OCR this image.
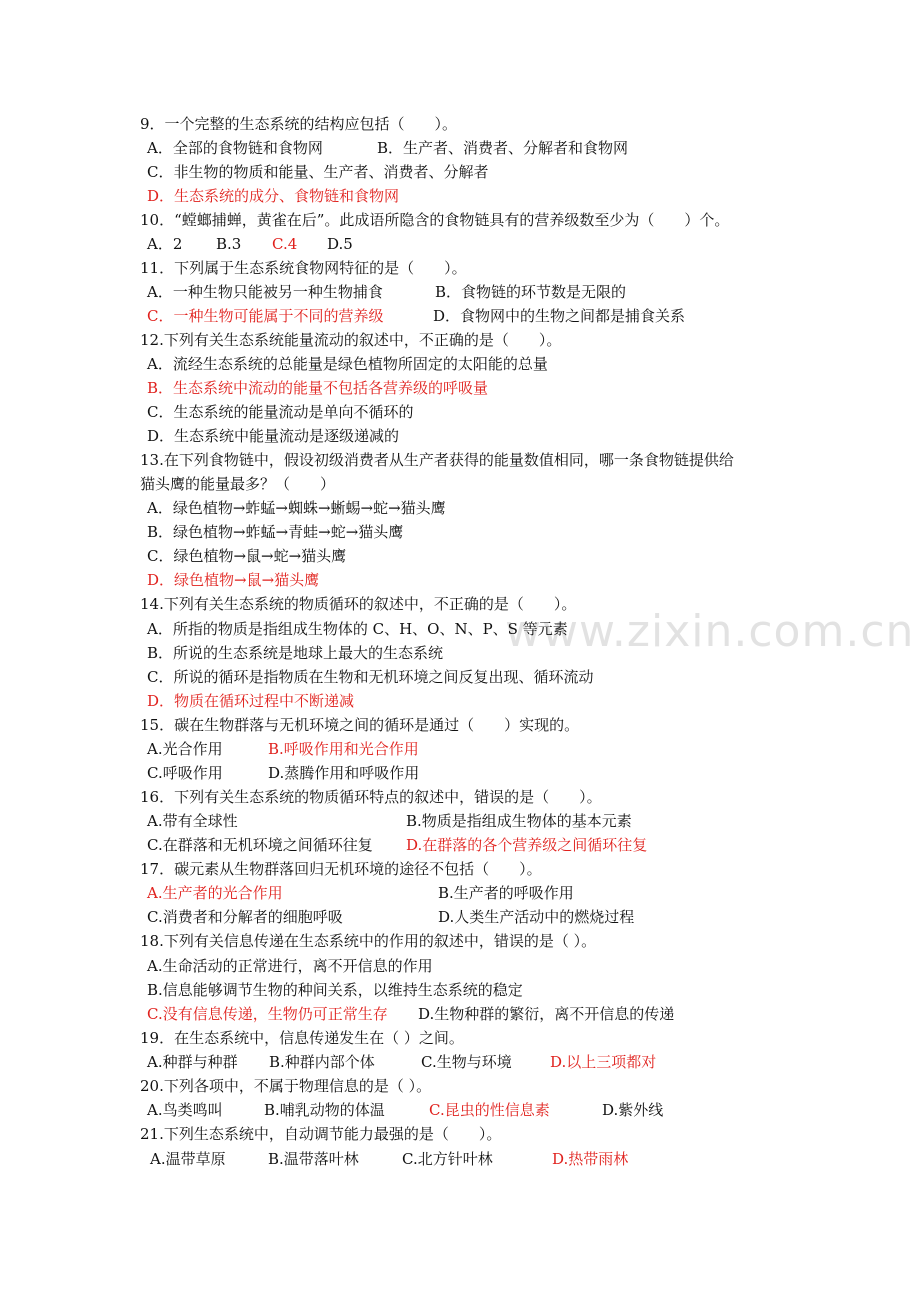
www.zixin.com.cn
9．一个完整的生态系统的结构应包括（　　）。
A．全部的食物链和食物网	B．生产者、消费者、分解者和食物网
C．非生物的物质和能量、生产者、消费者、分解者
D．生态系统的成分、食物链和食物网
10．“螳螂捕蝉，黄雀在后”。此成语所隐含的食物链具有的营养级数至少为（　　）个。
A．2 B.3 C.4 D.5
11．下列属于生态系统食物网特征的是（　　）。
A．一种生物只能被另一种生物捕食	B．食物链的环节数是无限的
C．一种生物可能属于不同的营养级	D．食物网中的生物之间都是捕食关系
12.下列有关生态系统能量流动的叙述中，不正确的是（　　）。
A．流经生态系统的总能量是绿色植物所固定的太阳能的总量
B．生态系统中流动的能量不包括各营养级的呼吸量
C．生态系统的能量流动是单向不循环的
D．生态系统中能量流动是逐级递减的
13.在下列食物链中，假设初级消费者从生产者获得的能量数值相同，哪一条食物链提供给
猫头鹰的能量最多？（　　）
A．绿色植物→蚱蜢→蜘蛛→蜥蜴→蛇→猫头鹰
B．绿色植物→蚱蜢→青蛙→蛇→猫头鹰
C．绿色植物→鼠→蛇→猫头鹰
D．绿色植物→鼠→猫头鹰
14.下列有关生态系统的物质循环的叙述中，不正确的是（　　）。
A．所指的物质是指组成生物体的 C、H、O、N、P、S 等元素
B．所说的生态系统是地球上最大的生态系统
C．所说的循环是指物质在生物和无机环境之间反复出现、循环流动
D．物质在循环过程中不断递减
15．碳在生物群落与无机环境之间的循环是通过（　　）实现的。
A.光合作用	B.呼吸作用和光合作用
C.呼吸作用	D.蒸腾作用和呼吸作用
16．下列有关生态系统的物质循环特点的叙述中，错误的是（　　）。
A.带有全球性	B.物质是指组成生物体的基本元素
C.在群落和无机环境之间循环往复 D.在群落的各个营养级之间循环往复
17．碳元素从生物群落回归无机环境的途径不包括（　　）。
A.生产者的光合作用	B.生产者的呼吸作用
C.消费者和分解者的细胞呼吸	D.人类生产活动中的燃烧过程
18.下列有关信息传递在生态系统中的作用的叙述中，错误的是（ ）。
A.生命活动的正常进行，离不开信息的作用
B.信息能够调节生物的种间关系，以维持生态系统的稳定
C.没有信息传递，生物仍可正常生存 D.生物种群的繁衍，离不开信息的传递
19．在生态系统中，信息传递发生在（ ）之间。
A.种群与种群 B.种群内部个体	C.生物与环境	D.以上三项都对
20.下列各项中，不属于物理信息的是（ ）。
A.鸟类鸣叫	B.哺乳动物的体温	C.昆虫的性信息素	D.紫外线
21.下列生态系统中，自动调节能力最强的是（　　）。
A.温带草原	B.温带落叶林	C.北方针叶林	D.热带雨林
